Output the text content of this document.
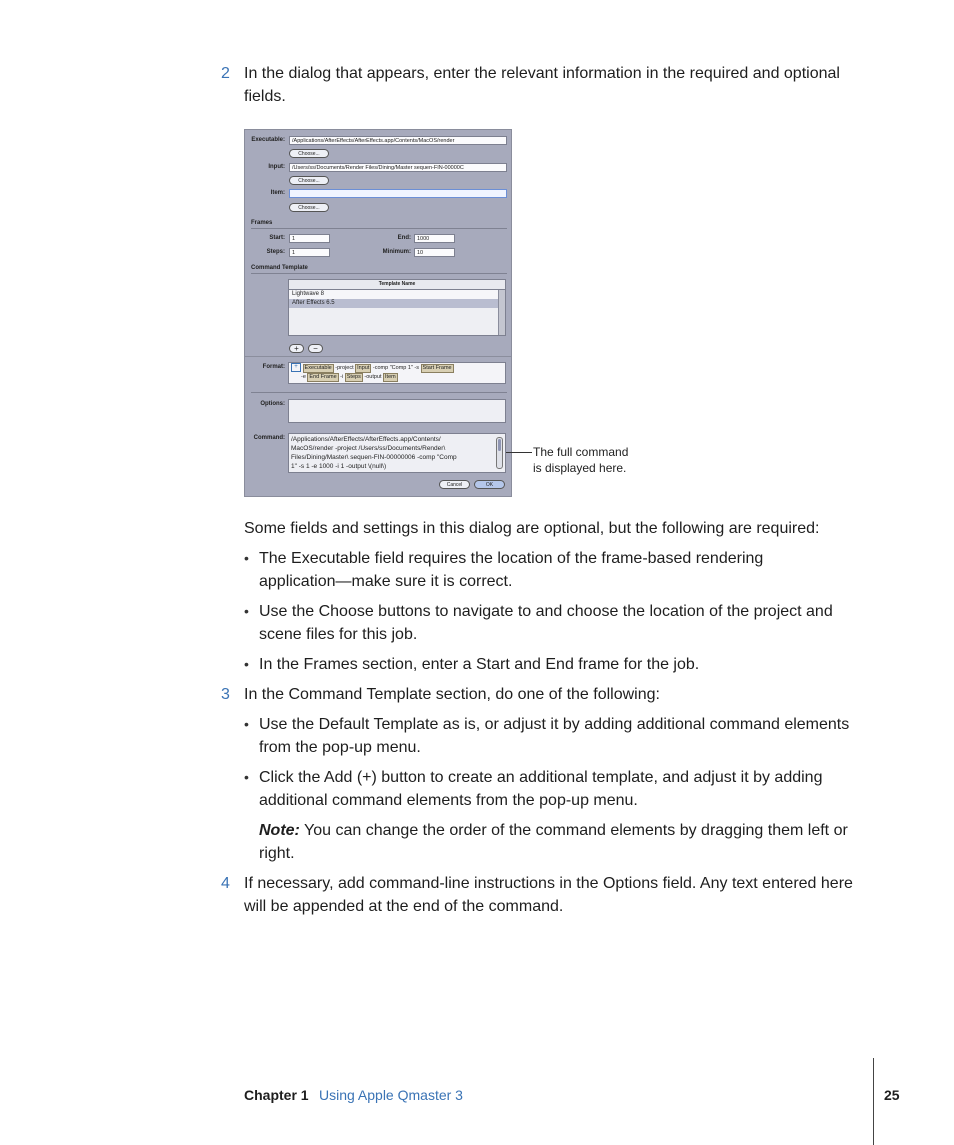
2 In the dialog that appears, enter the relevant information in the required and optional
fields.
Executable:	/Applications/AfterEffects/AfterEffects.app/Contents/MacOS/render
Choose...
Input:	/Users/ss/Documents/Render Files/Dining/Master sequen-FIN-00000C
Choose...
Item:
Choose...
Frames
Start:	1	End:	1000
Steps:	1	Minimum:	10
Command Template
Template Name
Lightwave 8
After Effects 6.5
+	−
Format:	+ Executable -project Input -comp "Comp 1" -s Start Frame
-e End Frame -i Steps -output Item
Options:
Command: /Applications/AfterEffects/AfterEffects.app/Contents/
MacOS/render -project /Users/ss/Documents/Render\
Files/Dining/Master\ sequen-FIN-00000006 -comp "Comp
1" -s 1 -e 1000 -i 1 -output \(null\)
Cancel	OK
The full command
is displayed here.
Some fields and settings in this dialog are optional, but the following are required:
• The Executable field requires the location of the frame-based rendering
application—make sure it is correct.
• Use the Choose buttons to navigate to and choose the location of the project and
scene files for this job.
• In the Frames section, enter a Start and End frame for the job.
3 In the Command Template section, do one of the following:
• Use the Default Template as is, or adjust it by adding additional command elements
from the pop-up menu.
• Click the Add (+) button to create an additional template, and adjust it by adding
additional command elements from the pop-up menu.
Note: You can change the order of the command elements by dragging them left or
right.
4 If necessary, add command-line instructions in the Options field. Any text entered here
will be appended at the end of the command.
Chapter 1 Using Apple Qmaster 3	25
